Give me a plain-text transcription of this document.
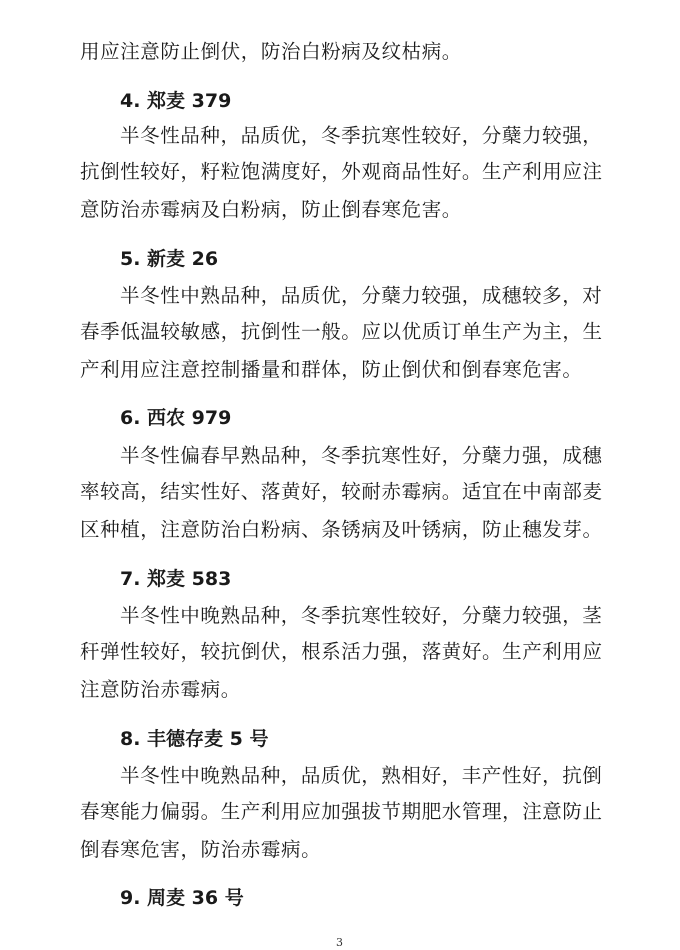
用应注意防止倒伏，防治白粉病及纹枯病。
4. 郑麦 379
半冬性品种，品质优，冬季抗寒性较好，分蘖力较强，
抗倒性较好，籽粒饱满度好，外观商品性好。生产利用应注
意防治赤霉病及白粉病，防止倒春寒危害。
5. 新麦 26
半冬性中熟品种，品质优，分蘖力较强，成穗较多，对
春季低温较敏感，抗倒性一般。应以优质订单生产为主，生
产利用应注意控制播量和群体，防止倒伏和倒春寒危害。
6. 西农 979
半冬性偏春早熟品种，冬季抗寒性好，分蘖力强，成穗
率较高，结实性好、落黄好，较耐赤霉病。适宜在中南部麦
区种植，注意防治白粉病、条锈病及叶锈病，防止穗发芽。
7. 郑麦 583
半冬性中晚熟品种，冬季抗寒性较好，分蘖力较强，茎
秆弹性较好，较抗倒伏，根系活力强，落黄好。生产利用应
注意防治赤霉病。
8. 丰德存麦 5 号
半冬性中晚熟品种，品质优，熟相好，丰产性好，抗倒
春寒能力偏弱。生产利用应加强拔节期肥水管理，注意防止
倒春寒危害，防治赤霉病。
9. 周麦 36 号
3
